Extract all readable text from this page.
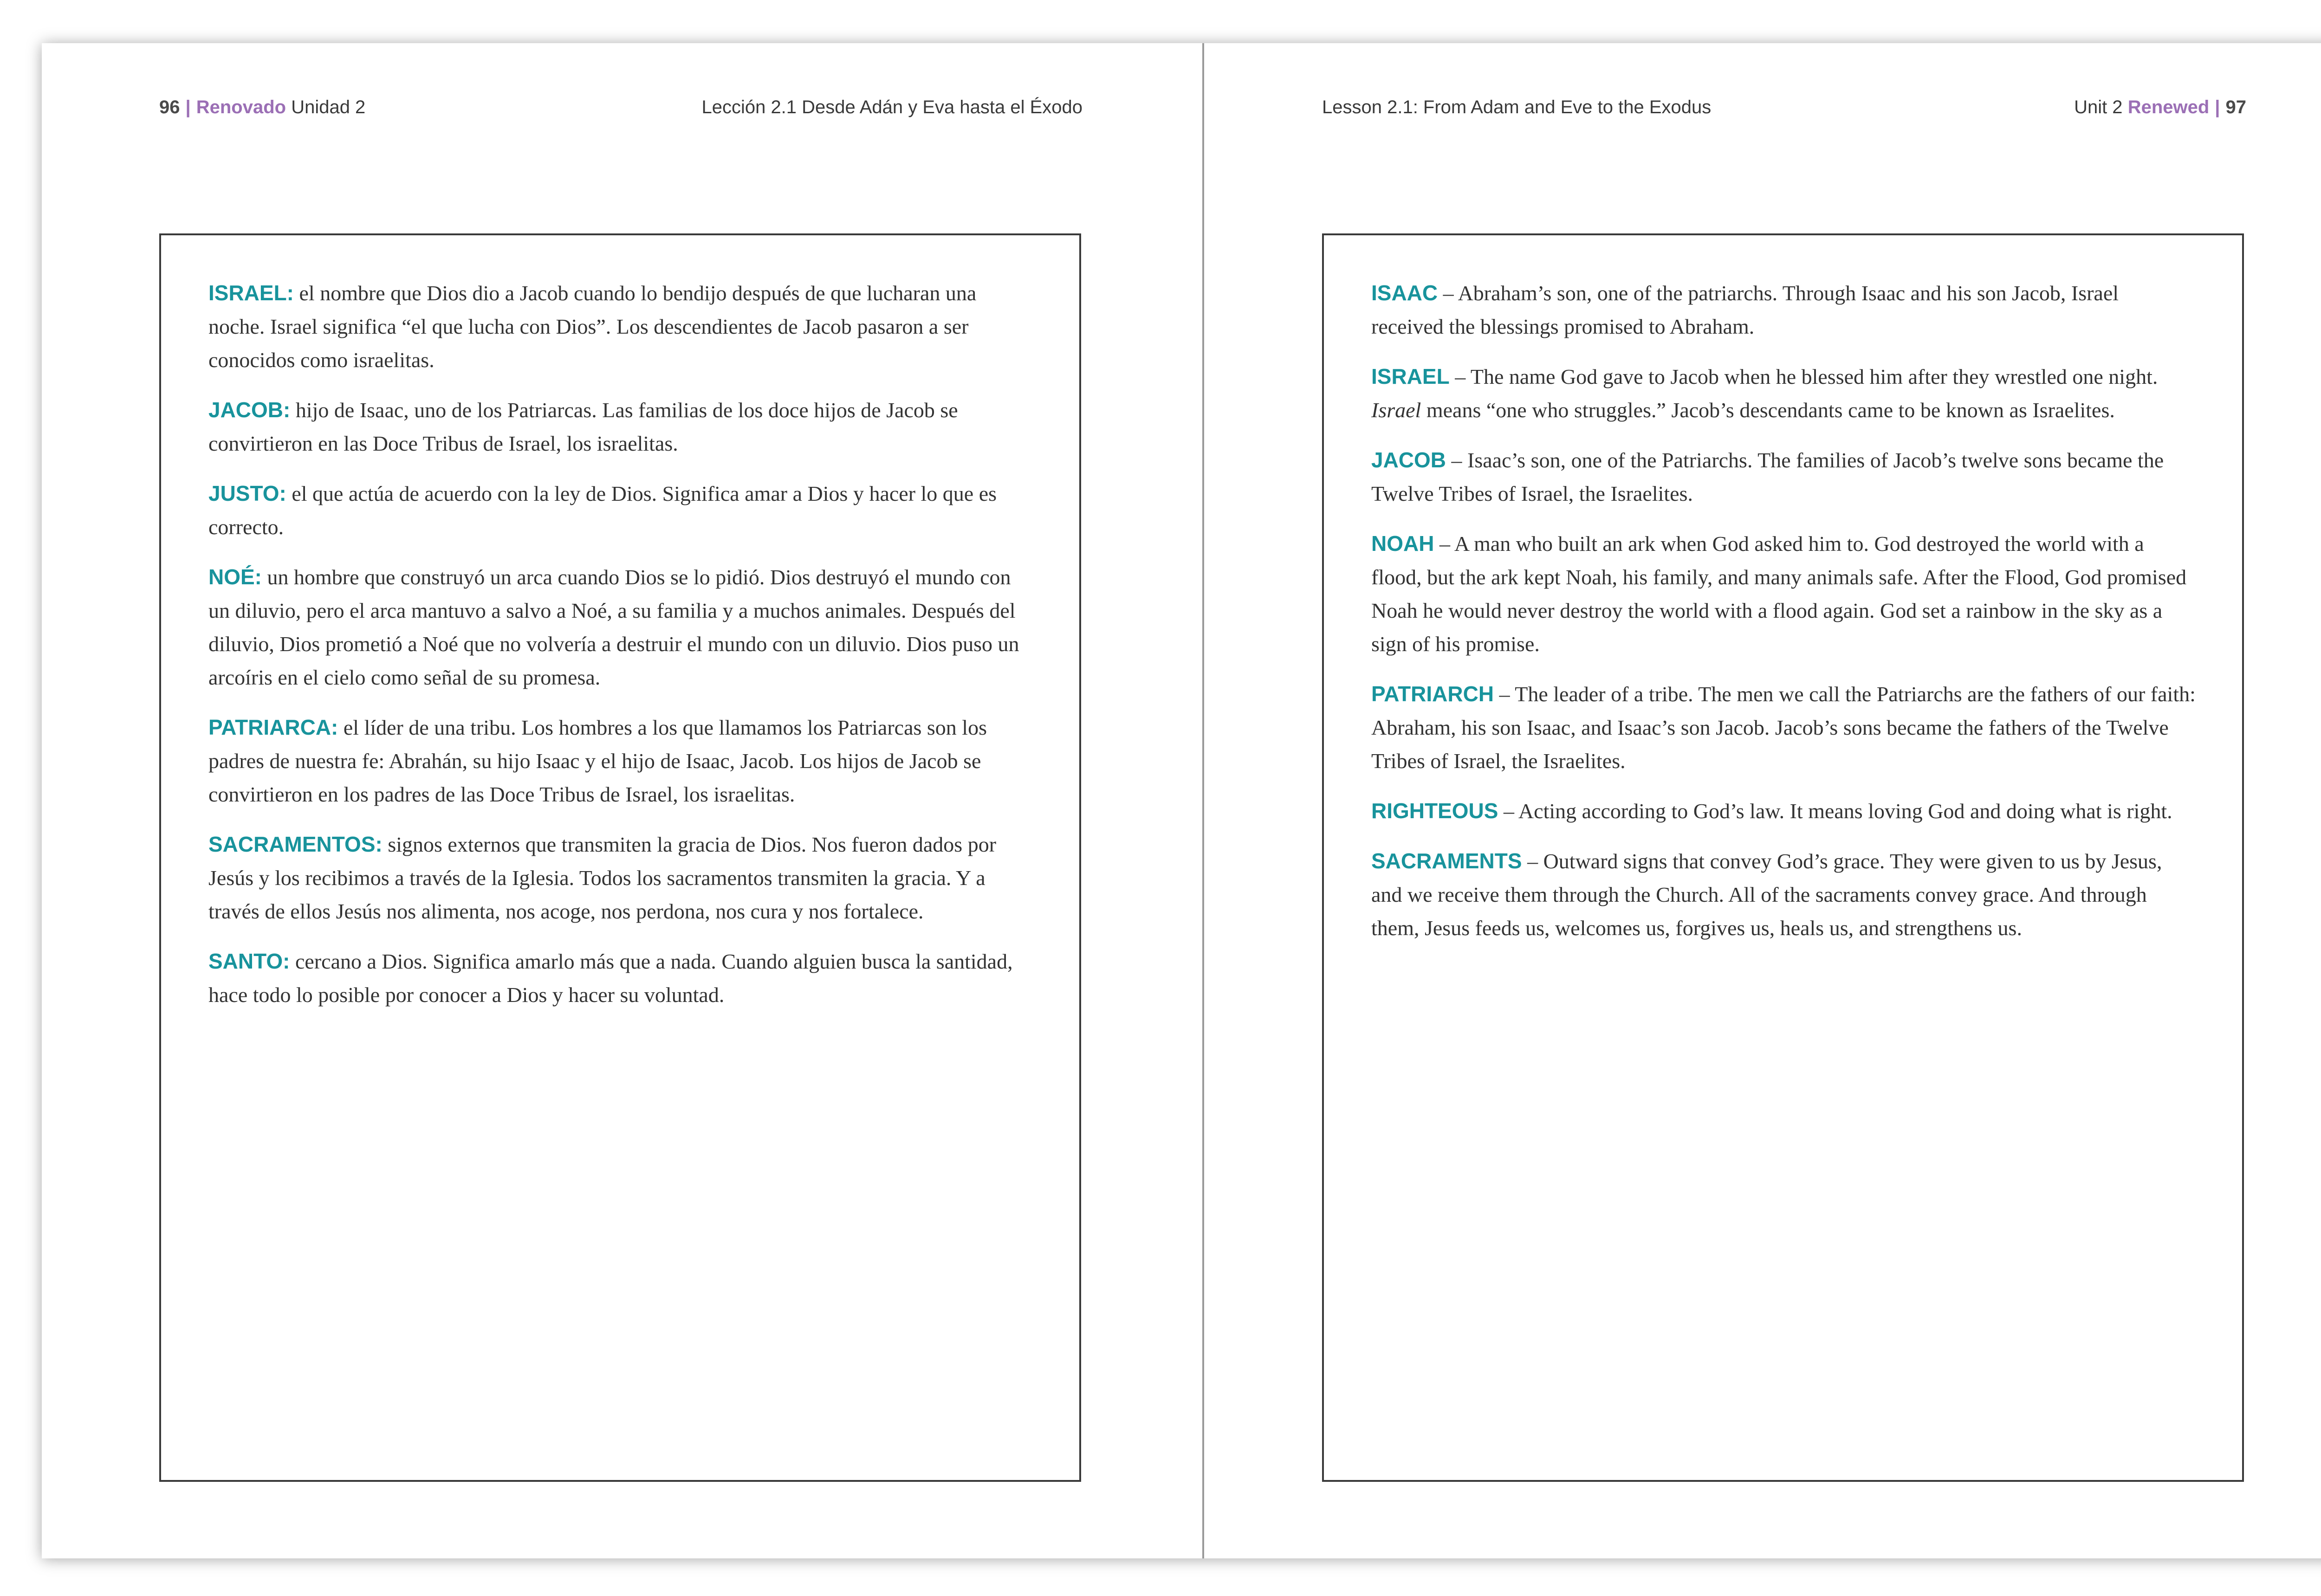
96 | Renovado Unidad 2	Lección 2.1 Desde Adán y Eva hasta el Éxodo

ISRAEL: el nombre que Dios dio a Jacob cuando lo bendijo después de que lucharan una noche. Israel significa “el que lucha con Dios”. Los descendientes de Jacob pasaron a ser conocidos como israelitas.

JACOB: hijo de Isaac, uno de los Patriarcas. Las familias de los doce hijos de Jacob se convirtieron en las Doce Tribus de Israel, los israelitas.

JUSTO: el que actúa de acuerdo con la ley de Dios. Significa amar a Dios y hacer lo que es correcto.

NOÉ: un hombre que construyó un arca cuando Dios se lo pidió. Dios destruyó el mundo con un diluvio, pero el arca mantuvo a salvo a Noé, a su familia y a muchos animales. Después del diluvio, Dios prometió a Noé que no volvería a destruir el mundo con un diluvio. Dios puso un arcoíris en el cielo como señal de su promesa.

PATRIARCA: el líder de una tribu. Los hombres a los que llamamos los Patriarcas son los padres de nuestra fe: Abrahán, su hijo Isaac y el hijo de Isaac, Jacob. Los hijos de Jacob se convirtieron en los padres de las Doce Tribus de Israel, los israelitas.

SACRAMENTOS: signos externos que transmiten la gracia de Dios. Nos fueron dados por Jesús y los recibimos a través de la Iglesia. Todos los sacramentos transmiten la gracia. Y a través de ellos Jesús nos alimenta, nos acoge, nos perdona, nos cura y nos fortalece.

SANTO: cercano a Dios. Significa amarlo más que a nada. Cuando alguien busca la santidad, hace todo lo posible por conocer a Dios y hacer su voluntad.

Lesson 2.1: From Adam and Eve to the Exodus	Unit 2 Renewed | 97

ISAAC – Abraham’s son, one of the patriarchs. Through Isaac and his son Jacob, Israel received the blessings promised to Abraham.

ISRAEL – The name God gave to Jacob when he blessed him after they wrestled one night. Israel means “one who struggles.” Jacob’s descendants came to be known as Israelites.

JACOB – Isaac’s son, one of the Patriarchs. The families of Jacob’s twelve sons became the Twelve Tribes of Israel, the Israelites.

NOAH – A man who built an ark when God asked him to. God destroyed the world with a flood, but the ark kept Noah, his family, and many animals safe. After the Flood, God promised Noah he would never destroy the world with a flood again. God set a rainbow in the sky as a sign of his promise.

PATRIARCH – The leader of a tribe. The men we call the Patriarchs are the fathers of our faith: Abraham, his son Isaac, and Isaac’s son Jacob. Jacob’s sons became the fathers of the Twelve Tribes of Israel, the Israelites.

RIGHTEOUS – Acting according to God’s law. It means loving God and doing what is right.

SACRAMENTS – Outward signs that convey God’s grace. They were given to us by Jesus, and we receive them through the Church. All of the sacraments convey grace. And through them, Jesus feeds us, welcomes us, forgives us, heals us, and strengthens us.
